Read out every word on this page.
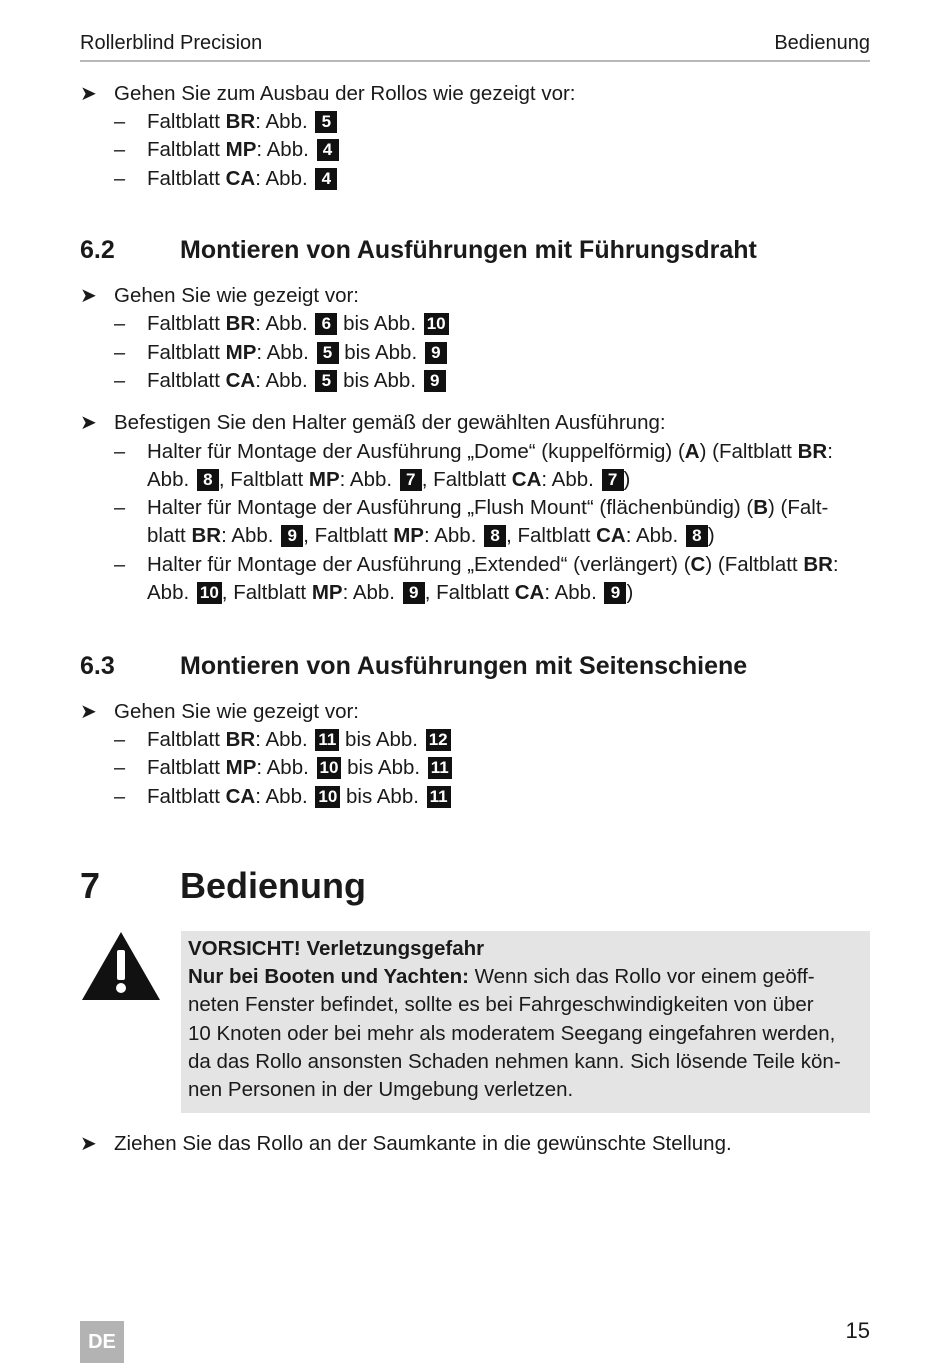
Rollerblind Precision	Bedienung
➤ Gehen Sie zum Ausbau der Rollos wie gezeigt vor:
– Faltblatt BR: Abb. 5
– Faltblatt MP: Abb. 4
– Faltblatt CA: Abb. 4
6.2	Montieren von Ausführungen mit Führungsdraht
➤ Gehen Sie wie gezeigt vor:
– Faltblatt BR: Abb. 6 bis Abb. 10
– Faltblatt MP: Abb. 5 bis Abb. 9
– Faltblatt CA: Abb. 5 bis Abb. 9
➤ Befestigen Sie den Halter gemäß der gewählten Ausführung:
– Halter für Montage der Ausführung „Dome“ (kuppelförmig) (A) (Faltblatt BR:
Abb. 8 , Faltblatt MP: Abb. 7 , Faltblatt CA: Abb. 7 )
– Halter für Montage der Ausführung „Flush Mount“ (flächenbündig) (B) (Falt-
blatt BR: Abb. 9 , Faltblatt MP: Abb. 8 , Faltblatt CA: Abb. 8 )
– Halter für Montage der Ausführung „Extended“ (verlängert) (C) (Faltblatt BR:
Abb. 10 , Faltblatt MP: Abb. 9 , Faltblatt CA: Abb. 9 )
6.3	Montieren von Ausführungen mit Seitenschiene
➤ Gehen Sie wie gezeigt vor:
– Faltblatt BR: Abb. 11 bis Abb. 12
– Faltblatt MP: Abb. 10 bis Abb. 11
– Faltblatt CA: Abb. 10 bis Abb. 11
7 Bedienung
VORSICHT! Verletzungsgefahr
Nur bei Booten und Yachten: Wenn sich das Rollo vor einem geöff-
neten Fenster befindet, sollte es bei Fahrgeschwindigkeiten von über
10 Knoten oder bei mehr als moderatem Seegang eingefahren werden,
da das Rollo ansonsten Schaden nehmen kann. Sich lösende Teile kön-
nen Personen in der Umgebung verletzen.
➤ Ziehen Sie das Rollo an der Saumkante in die gewünschte Stellung.
DE	15
